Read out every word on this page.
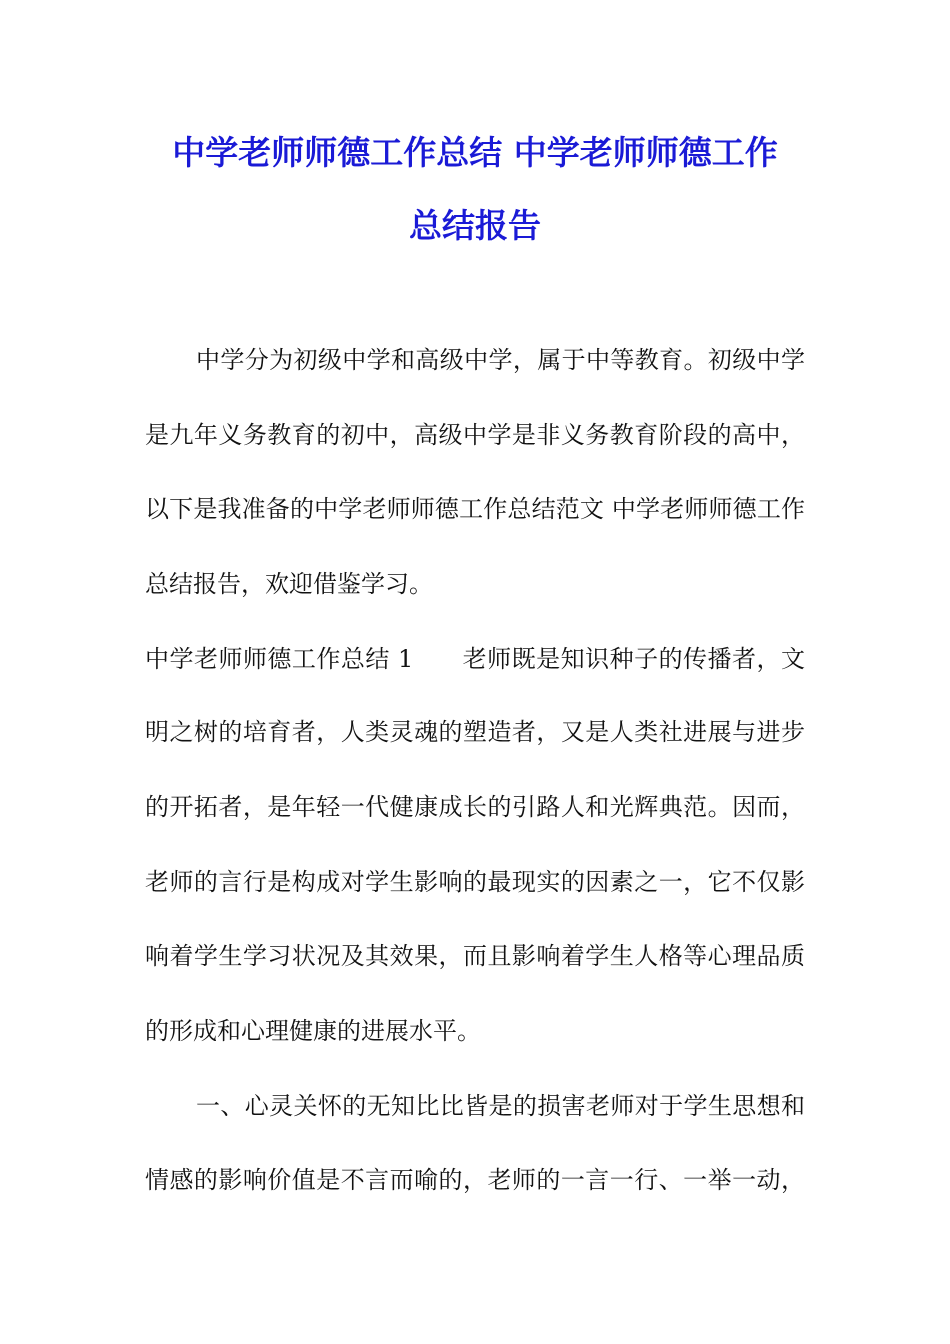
中学老师师德工作总结 中学老师师德工作
总结报告
中学分为初级中学和高级中学，属于中等教育。初级中学
是九年义务教育的初中，高级中学是非义务教育阶段的高中，
以下是我准备的中学老师师德工作总结范文 中学老师师德工作
总结报告，欢迎借鉴学习。
中学老师师德工作总结 1　　老师既是知识种子的传播者，文
明之树的培育者，人类灵魂的塑造者，又是人类社进展与进步
的开拓者，是年轻一代健康成长的引路人和光辉典范。因而，
老师的言行是构成对学生影响的最现实的因素之一，它不仅影
响着学生学习状况及其效果，而且影响着学生人格等心理品质
的形成和心理健康的进展水平。
一、心灵关怀的无知比比皆是的损害老师对于学生思想和
情感的影响价值是不言而喻的，老师的一言一行、一举一动，
